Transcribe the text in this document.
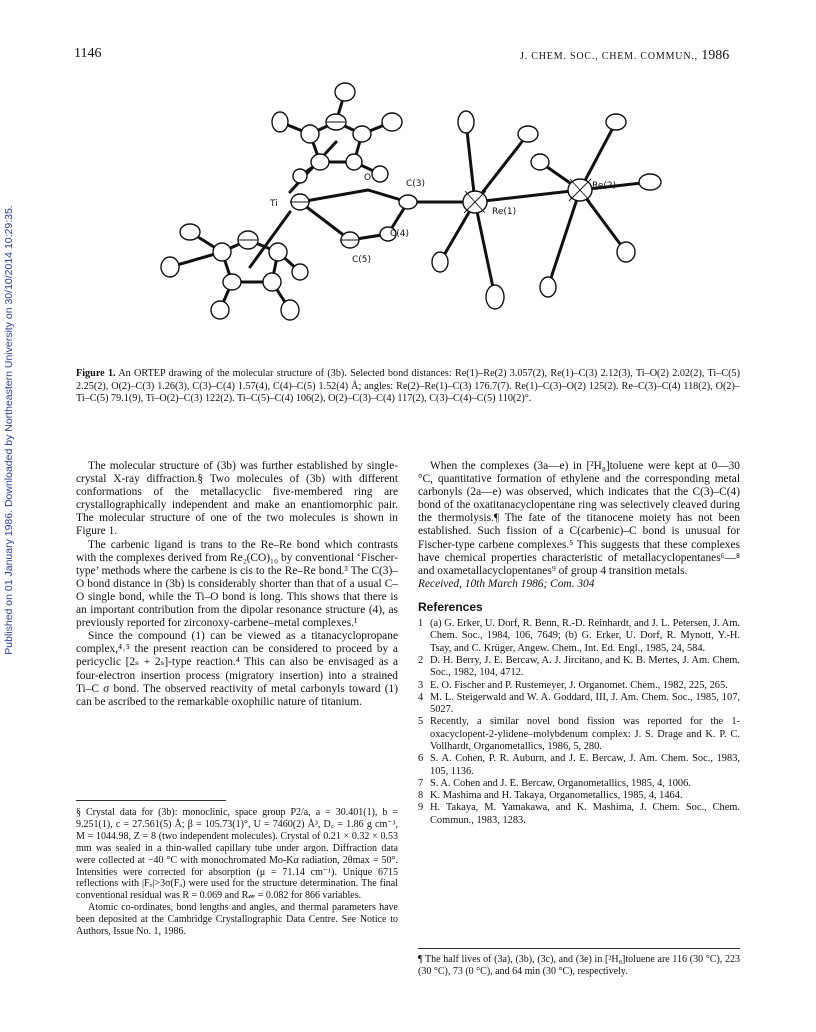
Published on 01 January 1986. Downloaded by Northeastern University on 30/10/2014 10:29:35.
1146	J. CHEM. SOC., CHEM. COMMUN., 1986
O
Ti
C(3)
C(4)
C(5)
Re(1)
Re(2)
Figure 1. An ORTEP drawing of the molecular structure of (3b). Selected bond distances: Re(1)–Re(2) 3.057(2), Re(1)–C(3) 2.12(3), Ti–O(2) 2.02(2), Ti–C(5) 2.25(2), O(2)–C(3) 1.26(3), C(3)–C(4) 1.57(4), C(4)–C(5) 1.52(4) Å; angles: Re(2)–Re(1)–C(3) 176.7(7). Re(1)–C(3)–O(2) 125(2). Re–C(3)–C(4) 118(2), O(2)–Ti–C(5) 79.1(9), Ti–O(2)–C(3) 122(2). Ti–C(5)–C(4) 106(2), O(2)–C(3)–C(4) 117(2), C(3)–C(4)–C(5) 110(2)°.

The molecular structure of (3b) was further established by single-crystal X-ray diffraction.§ Two molecules of (3b) with different conformations of the metallacyclic five-membered ring are crystallographically independent and make an enantiomorphic pair. The molecular structure of one of the two molecules is shown in Figure 1.

The carbenic ligand is trans to the Re–Re bond which contrasts with the complexes derived from Re₂(CO)₁₀ by conventional ‘Fischer-type’ methods where the carbene is cis to the Re–Re bond.³ The C(3)–O bond distance in (3b) is considerably shorter than that of a usual C–O single bond, while the Ti–O bond is long. This shows that there is an important contribution from the dipolar resonance structure (4), as previously reported for zirconoxy-carbene–metal complexes.¹

Since the compound (1) can be viewed as a titanacyclopropane complex,⁴˒⁵ the present reaction can be considered to proceed by a pericyclic [2ₛ + 2ₛ]-type reaction.⁴ This can also be envisaged as a four-electron insertion process (migratory insertion) into a strained Ti–C σ bond. The observed reactivity of metal carbonyls toward (1) can be ascribed to the remarkable oxophilic nature of titanium.

§ Crystal data for (3b): monoclinic, space group P2/a, a = 30.401(1), b = 9.251(1), c = 27.561(5) Å; β = 105.73(1)°, U = 7460(2) Å³, D꜀ = 1.86 g cm⁻³, M = 1044.98, Z = 8 (two independent molecules). Crystal of 0.21 × 0.32 × 0.53 mm was sealed in a thin-walled capillary tube under argon. Diffraction data were collected at −40 °C with monochromated Mo-Kα radiation, 2θmax = 50°. Intensities were corrected for absorption (μ = 71.14 cm⁻¹). Unique 6715 reflections with |Fₒ|>3σ(Fₒ) were used for the structure determination. The final conventional residual was R = 0.069 and R𝓌 = 0.082 for 866 variables.

Atomic co-ordinates, bond lengths and angles, and thermal parameters have been deposited at the Cambridge Crystallographic Data Centre. See Notice to Authors, Issue No. 1, 1986.

When the complexes (3a—e) in [²H₈]toluene were kept at 0—30 °C, quantitative formation of ethylene and the corresponding metal carbonyls (2a—e) was observed, which indicates that the C(3)–C(4) bond of the oxatitanacyclopentane ring was selectively cleaved during the thermolysis.¶ The fate of the titanocene moiety has not been established. Such fission of a C(carbenic)–C bond is unusual for Fischer-type carbene complexes.⁵ This suggests that these complexes have chemical properties characteristic of metallacyclopentanes⁶—⁸ and oxametallacyclopentanes⁹ of group 4 transition metals.

Received, 10th March 1986; Com. 304

References
1 (a) G. Erker, U. Dorf, R. Benn, R.-D. Reinhardt, and J. L. Petersen, J. Am. Chem. Soc., 1984, 106, 7649; (b) G. Erker, U. Dorf, R. Mynott, Y.-H. Tsay, and C. Krüger, Angew. Chem., Int. Ed. Engl., 1985, 24, 584.
2 D. H. Berry, J. E. Bercaw, A. J. Jircitano, and K. B. Mertes, J. Am. Chem. Soc., 1982, 104, 4712.
3 E. O. Fischer and P. Rustemeyer, J. Organomet. Chem., 1982, 225, 265.
4 M. L. Steigerwald and W. A. Goddard, III, J. Am. Chem. Soc., 1985, 107, 5027.
5 Recently, a similar novel bond fission was reported for the 1-oxacyclopent-2-ylidene–molybdenum complex: J. S. Drage and K. P. C. Vollhardt, Organometallics, 1986, 5, 280.
6 S. A. Cohen, P. R. Auburn, and J. E. Bercaw, J. Am. Chem. Soc., 1983, 105, 1136.
7 S. A. Cohen and J. E. Bercaw, Organometallics, 1985, 4, 1006.
8 K. Mashima and H. Takaya, Organometallics, 1985, 4, 1464.
9 H. Takaya, M. Yamakawa, and K. Mashima, J. Chem. Soc., Chem. Commun., 1983, 1283.
¶ The half lives of (3a), (3b), (3c), and (3e) in [²H₈]toluene are 116 (30 °C), 223 (30 °C), 73 (0 °C), and 64 min (30 °C), respectively.
